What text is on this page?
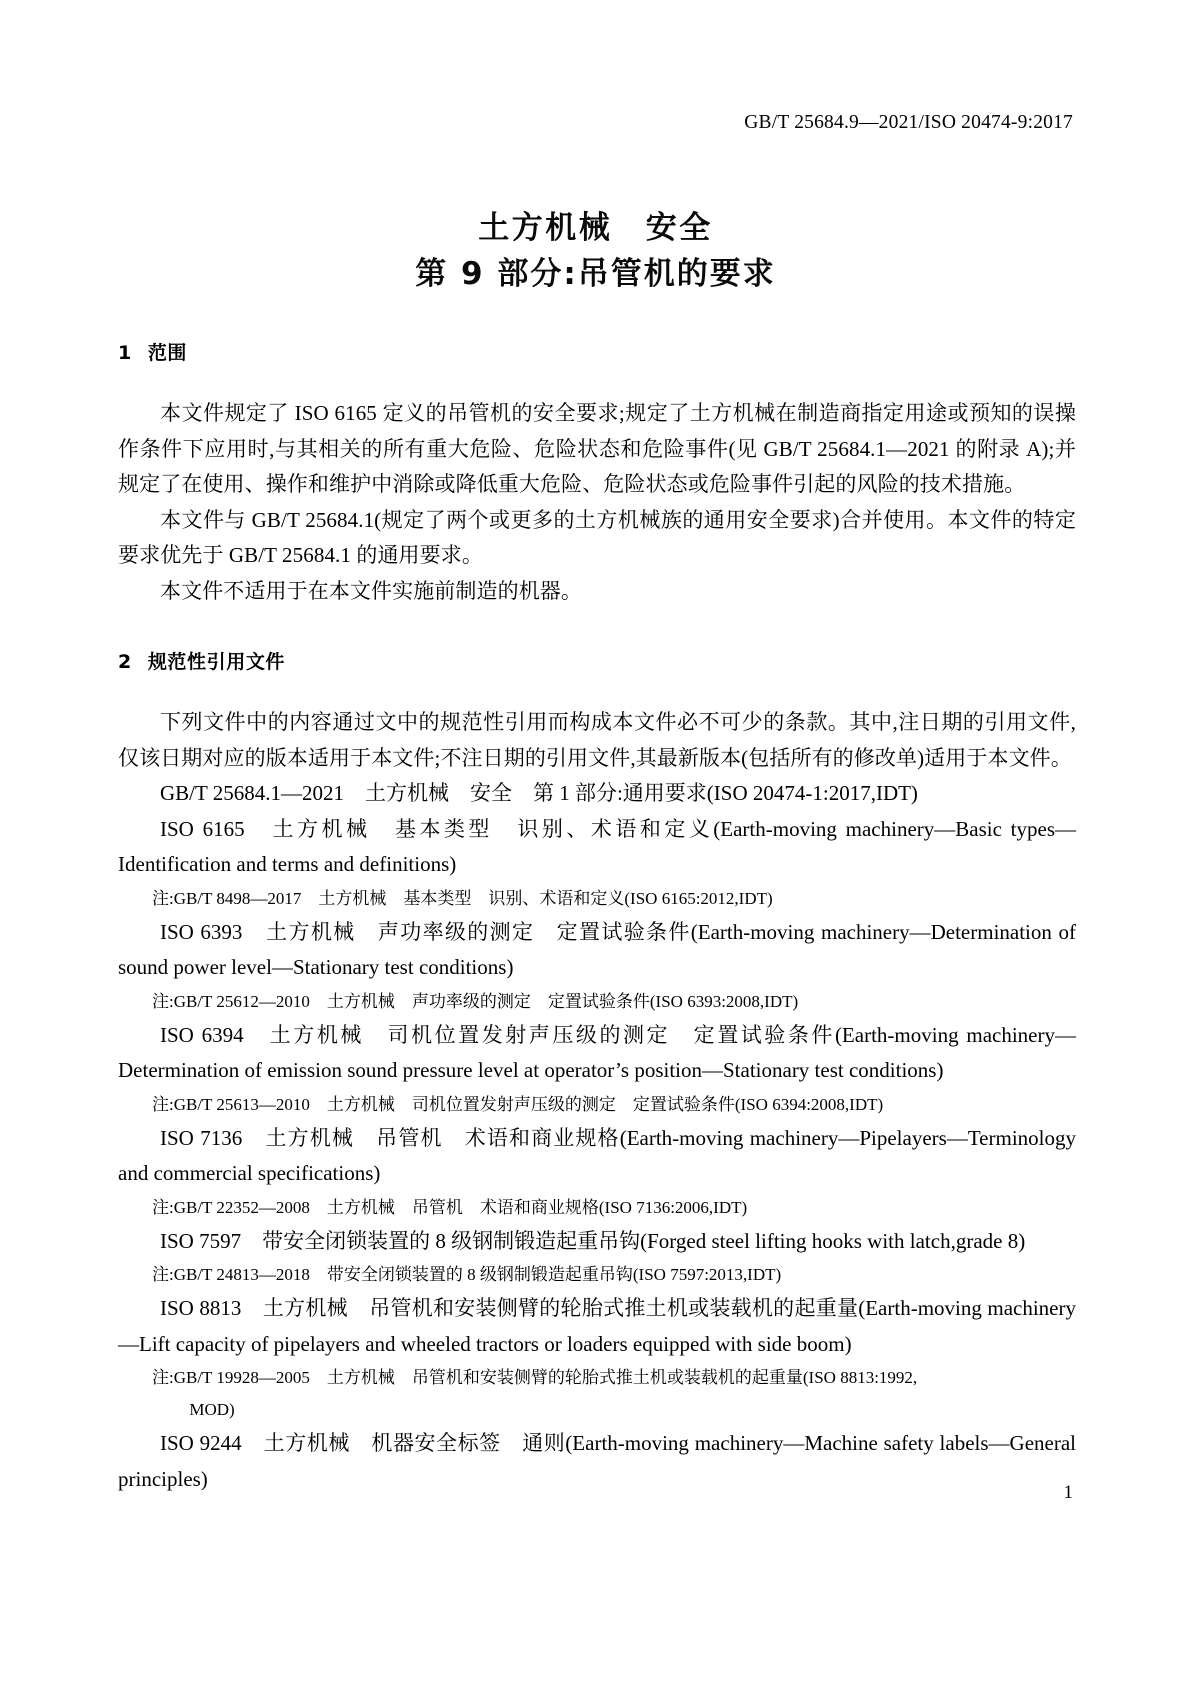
GB/T 25684.9—2021/ISO 20474-9:2017
土方机械　安全
第 9 部分:吊管机的要求
1 范围

本文件规定了 ISO 6165 定义的吊管机的安全要求;规定了土方机械在制造商指定用途或预知的误操作条件下应用时,与其相关的所有重大危险、危险状态和危险事件(见 GB/T 25684.1—2021 的附录 A);并规定了在使用、操作和维护中消除或降低重大危险、危险状态或危险事件引起的风险的技术措施。

本文件与 GB/T 25684.1(规定了两个或更多的土方机械族的通用安全要求)合并使用。本文件的特定要求优先于 GB/T 25684.1 的通用要求。

本文件不适用于在本文件实施前制造的机器。

2 规范性引用文件

下列文件中的内容通过文中的规范性引用而构成本文件必不可少的条款。其中,注日期的引用文件,仅该日期对应的版本适用于本文件;不注日期的引用文件,其最新版本(包括所有的修改单)适用于本文件。

GB/T 25684.1—2021　土方机械　安全　第 1 部分:通用要求(ISO 20474-1:2017,IDT)

ISO 6165　土方机械　基本类型　识别、术语和定义(Earth-moving machinery—Basic types—Identification and terms and definitions)

注:GB/T 8498—2017　土方机械　基本类型　识别、术语和定义(ISO 6165:2012,IDT)

ISO 6393　土方机械　声功率级的测定　定置试验条件(Earth-moving machinery—Determination of sound power level—Stationary test conditions)

注:GB/T 25612—2010　土方机械　声功率级的测定　定置试验条件(ISO 6393:2008,IDT)

ISO 6394　土方机械　司机位置发射声压级的测定　定置试验条件(Earth-moving machinery—Determination of emission sound pressure level at operator’s position—Stationary test conditions)

注:GB/T 25613—2010　土方机械　司机位置发射声压级的测定　定置试验条件(ISO 6394:2008,IDT)

ISO 7136　土方机械　吊管机　术语和商业规格(Earth-moving machinery—Pipelayers—Terminology and commercial specifications)

注:GB/T 22352—2008　土方机械　吊管机　术语和商业规格(ISO 7136:2006,IDT)

ISO 7597　带安全闭锁装置的 8 级钢制锻造起重吊钩(Forged steel lifting hooks with latch,grade 8)

注:GB/T 24813—2018　带安全闭锁装置的 8 级钢制锻造起重吊钩(ISO 7597:2013,IDT)

ISO 8813　土方机械　吊管机和安装侧臂的轮胎式推土机或装载机的起重量(Earth-moving machinery—Lift capacity of pipelayers and wheeled tractors or loaders equipped with side boom)

注:GB/T 19928—2005　土方机械　吊管机和安装侧臂的轮胎式推土机或装载机的起重量(ISO 8813:1992,

MOD)

ISO 9244　土方机械　机器安全标签　通则(Earth-moving machinery—Machine safety labels—General principles)

1
